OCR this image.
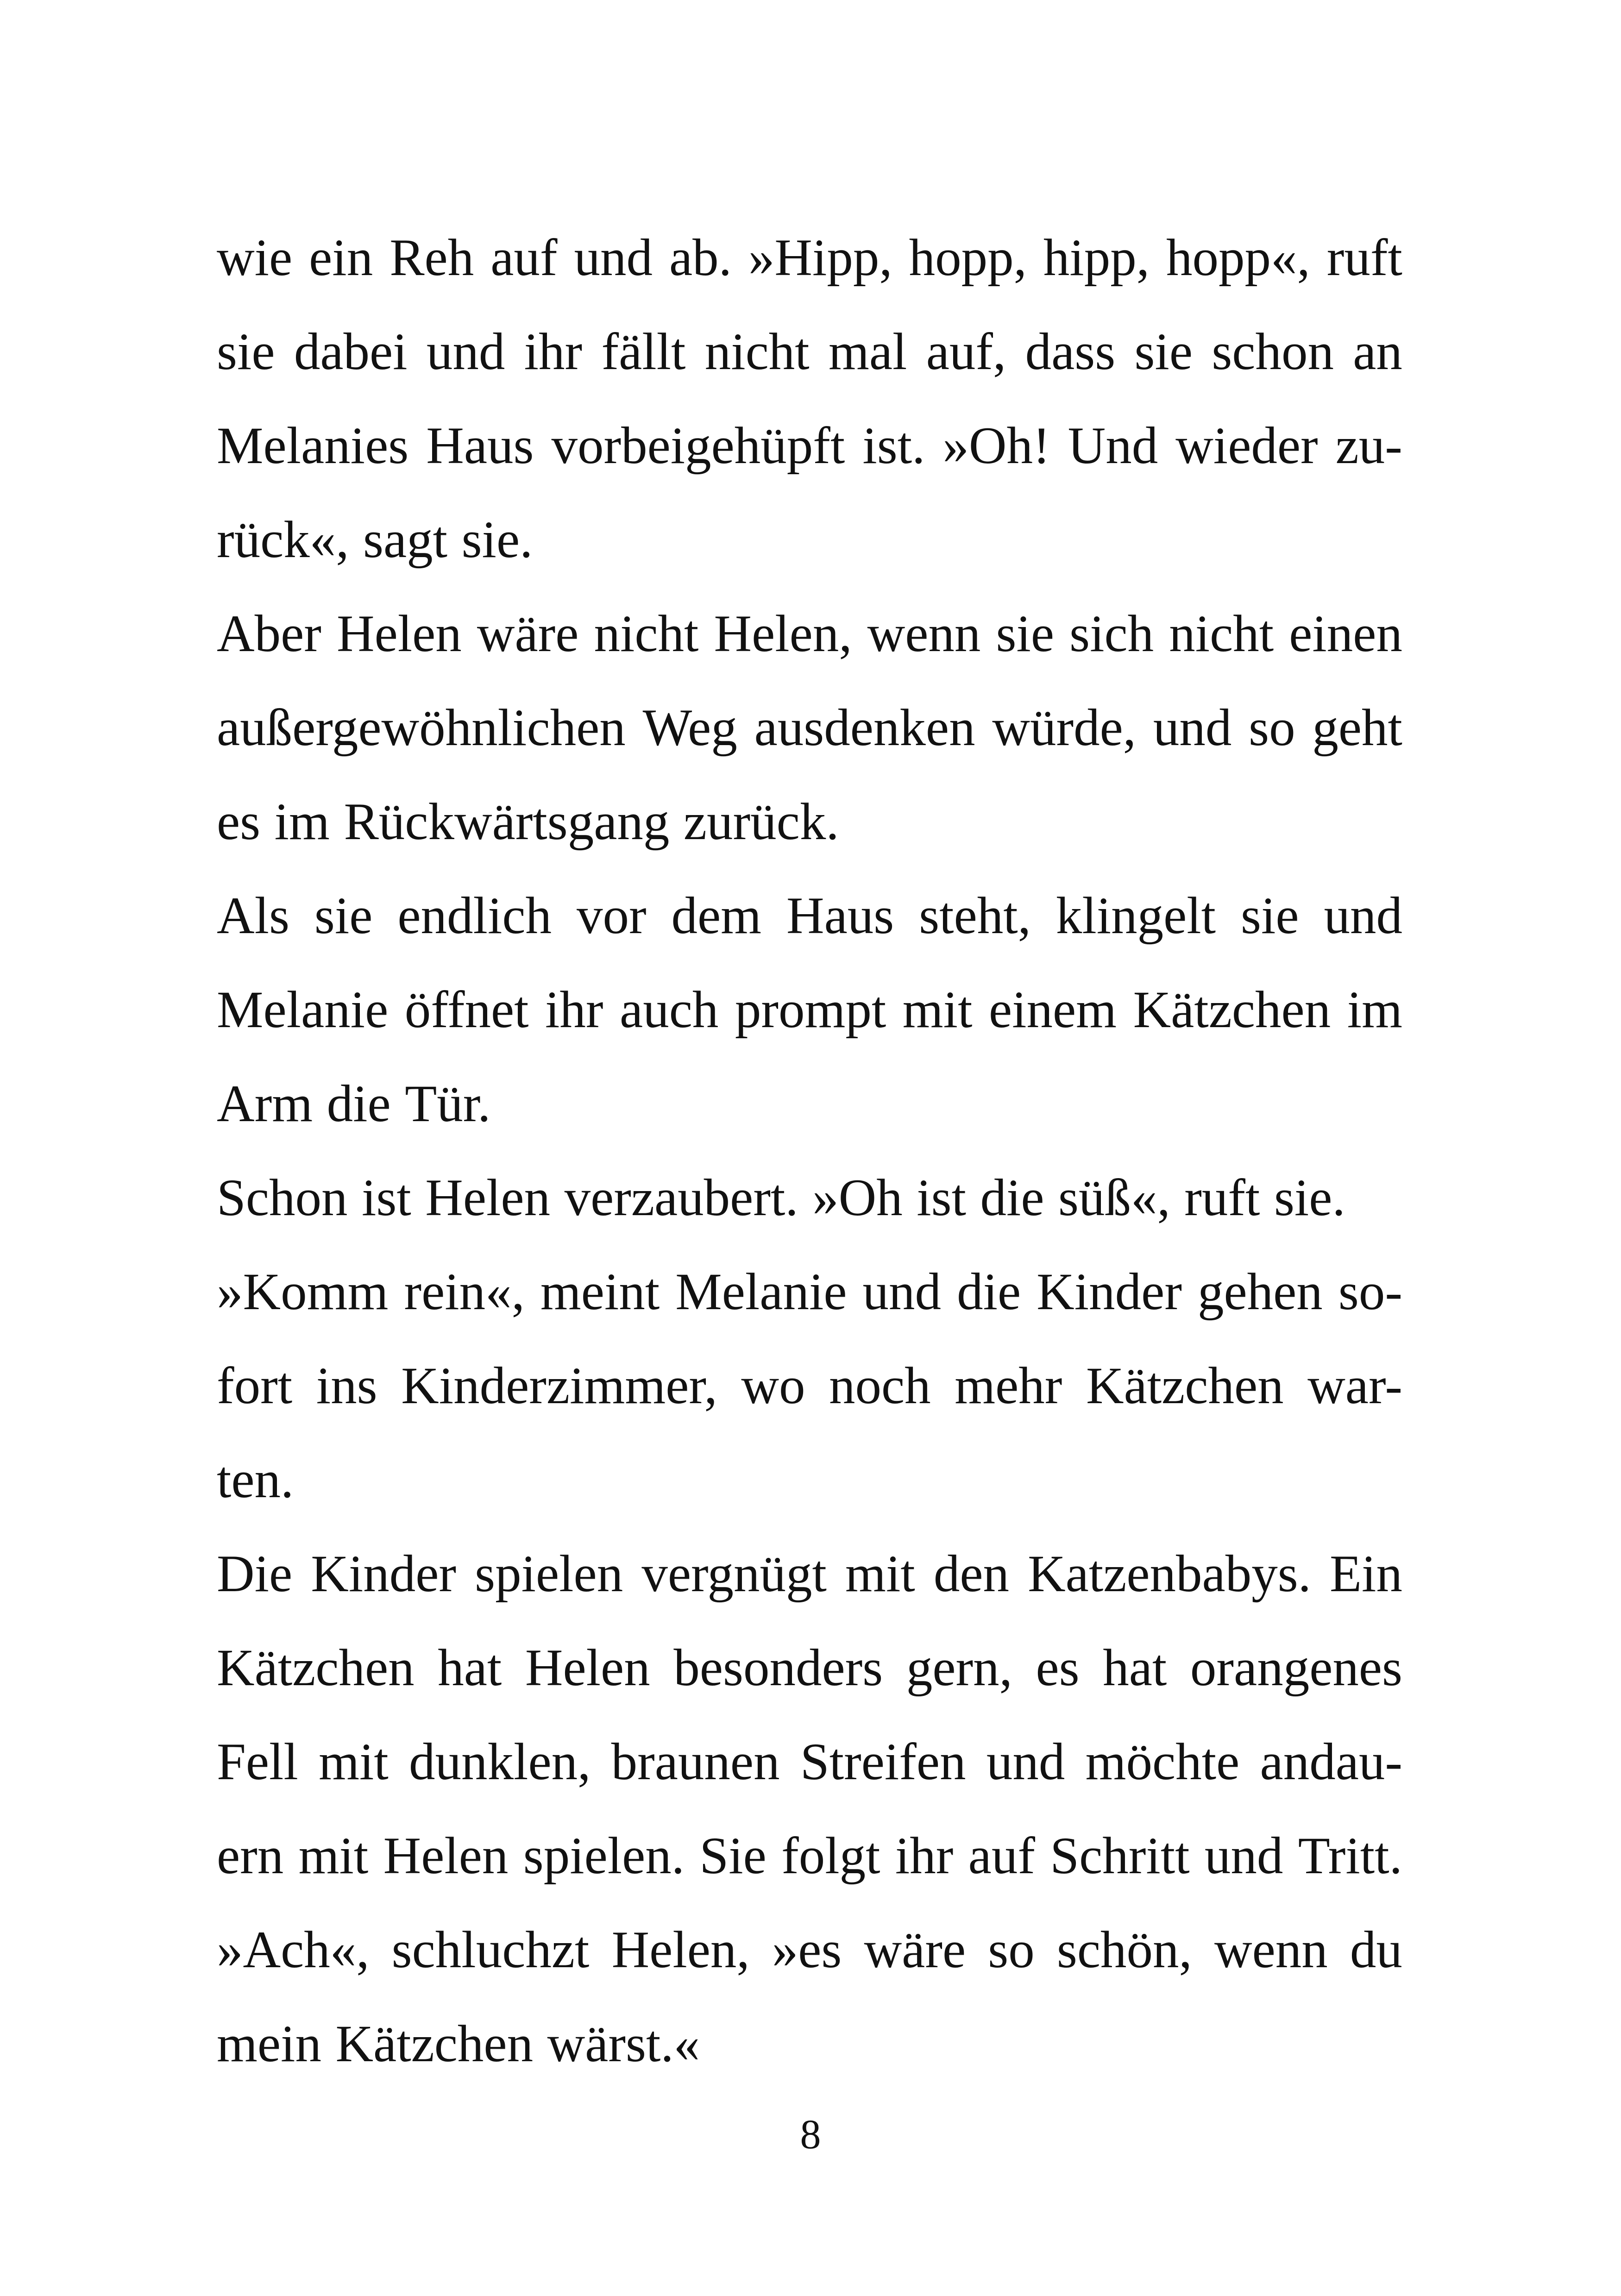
wie ein Reh auf und ab. »Hipp, hopp, hipp, hopp«, ruft
sie dabei und ihr fällt nicht mal auf, dass sie schon an
Melanies Haus vorbeigehüpft ist. »Oh! Und wieder zu-
rück«, sagt sie.
Aber Helen wäre nicht Helen, wenn sie sich nicht einen
außergewöhnlichen Weg ausdenken würde, und so geht
es im Rückwärtsgang zurück.
Als sie endlich vor dem Haus steht, klingelt sie und
Melanie öffnet ihr auch prompt mit einem Kätzchen im
Arm die Tür.
Schon ist Helen verzaubert. »Oh ist die süß«, ruft sie.
»Komm rein«, meint Melanie und die Kinder gehen so-
fort ins Kinderzimmer, wo noch mehr Kätzchen war-
ten.
Die Kinder spielen vergnügt mit den Katzenbabys. Ein
Kätzchen hat Helen besonders gern, es hat orangenes
Fell mit dunklen, braunen Streifen und möchte andau-
ern mit Helen spielen. Sie folgt ihr auf Schritt und Tritt.
»Ach«, schluchzt Helen, »es wäre so schön, wenn du
mein Kätzchen wärst.«
8
